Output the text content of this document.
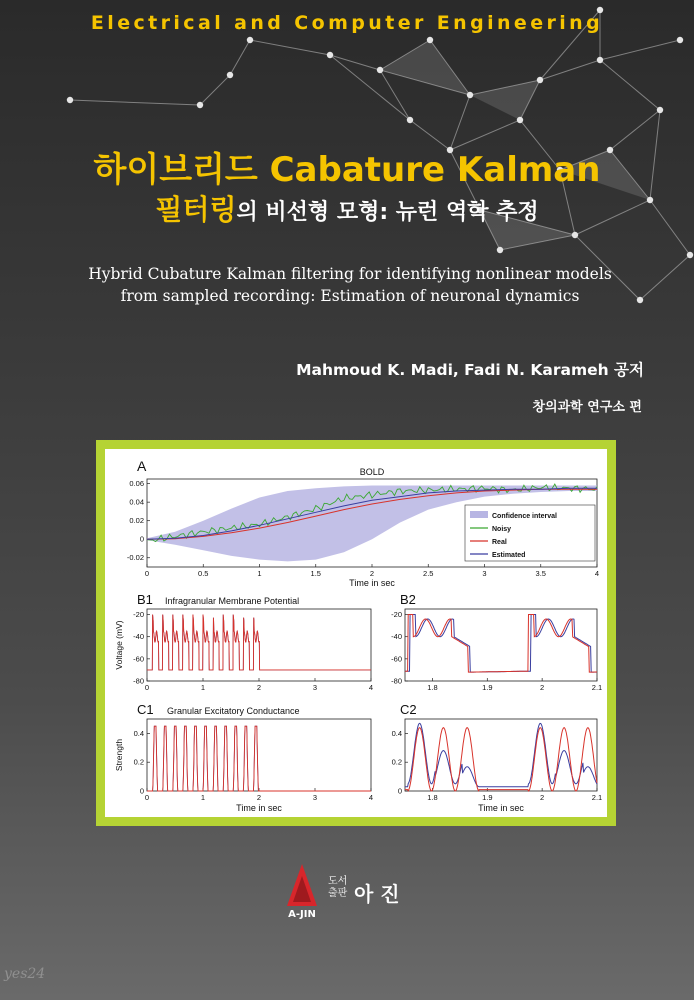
Electrical and Computer Engineering
하이브리드 Cabature Kalman
필터링의 비선형 모형: 뉴런 역학 추정
Hybrid Cubature Kalman filtering for identifying nonlinear models from sampled recording: Estimation of neuronal dynamics
Mahmoud K. Madi, Fadi N. Karameh 공저
창의과학 연구소 편
0	0.5	1	1.5	2	2.5	3	3.5	4
0.06
0.04
0.02
0
-0.02
A	BOLD
Time in sec
Confidence interval
Noisy
Real
Estimated
0	1	2	3	4
-20
-40
-60
-80
B1 Infragranular Membrane Potential
Voltage (mV)
1.8	1.9	2	2.1
-20
-40
-60
-80
B2
0	1	2	3	4
0.4
0.2
0
C1 Granular Excitatory Conductance
Strength
Time in sec
1.8	1.9	2	2.1
0.4
0.2
0
C2
Time in sec
A-JIN
도서
출판 아 진
yes24
